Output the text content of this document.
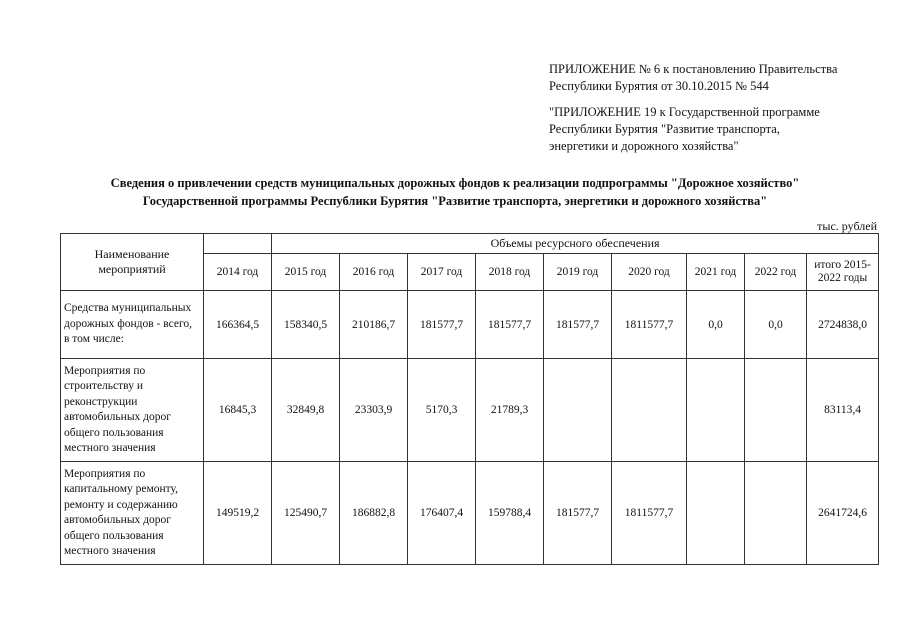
ПРИЛОЖЕНИЕ № 6 к постановлению Правительства

Республики Бурятия от 30.10.2015 № 544

"ПРИЛОЖЕНИЕ 19 к Государственной программе

Республики Бурятия "Развитие транспорта,

энергетики и дорожного хозяйства"

Сведения о привлечении средств муниципальных дорожных фондов к реализации подпрограммы "Дорожное хозяйство"
Государственной программы Республики Бурятия "Развитие транспорта, энергетики и дорожного хозяйства"
тыс. рублей
Наименование мероприятий		Объемы ресурсного обеспечения								
	2014 год	2015 год	2016 год	2017 год	2018 год	2019 год	2020 год	2021 год	2022 год	итого 2015-2022 годы
Средства муниципальных дорожных фондов - всего, в том числе:	166364,5	158340,5	210186,7	181577,7	181577,7	181577,7	1811577,7	0,0	0,0	2724838,0
Мероприятия по строительству и реконструкции автомобильных дорог общего пользования местного значения	16845,3	32849,8	23303,9	5170,3	21789,3					83113,4
Мероприятия по капитальному ремонту, ремонту и содержанию автомобильных дорог общего пользования местного значения	149519,2	125490,7	186882,8	176407,4	159788,4	181577,7	1811577,7			2641724,6
